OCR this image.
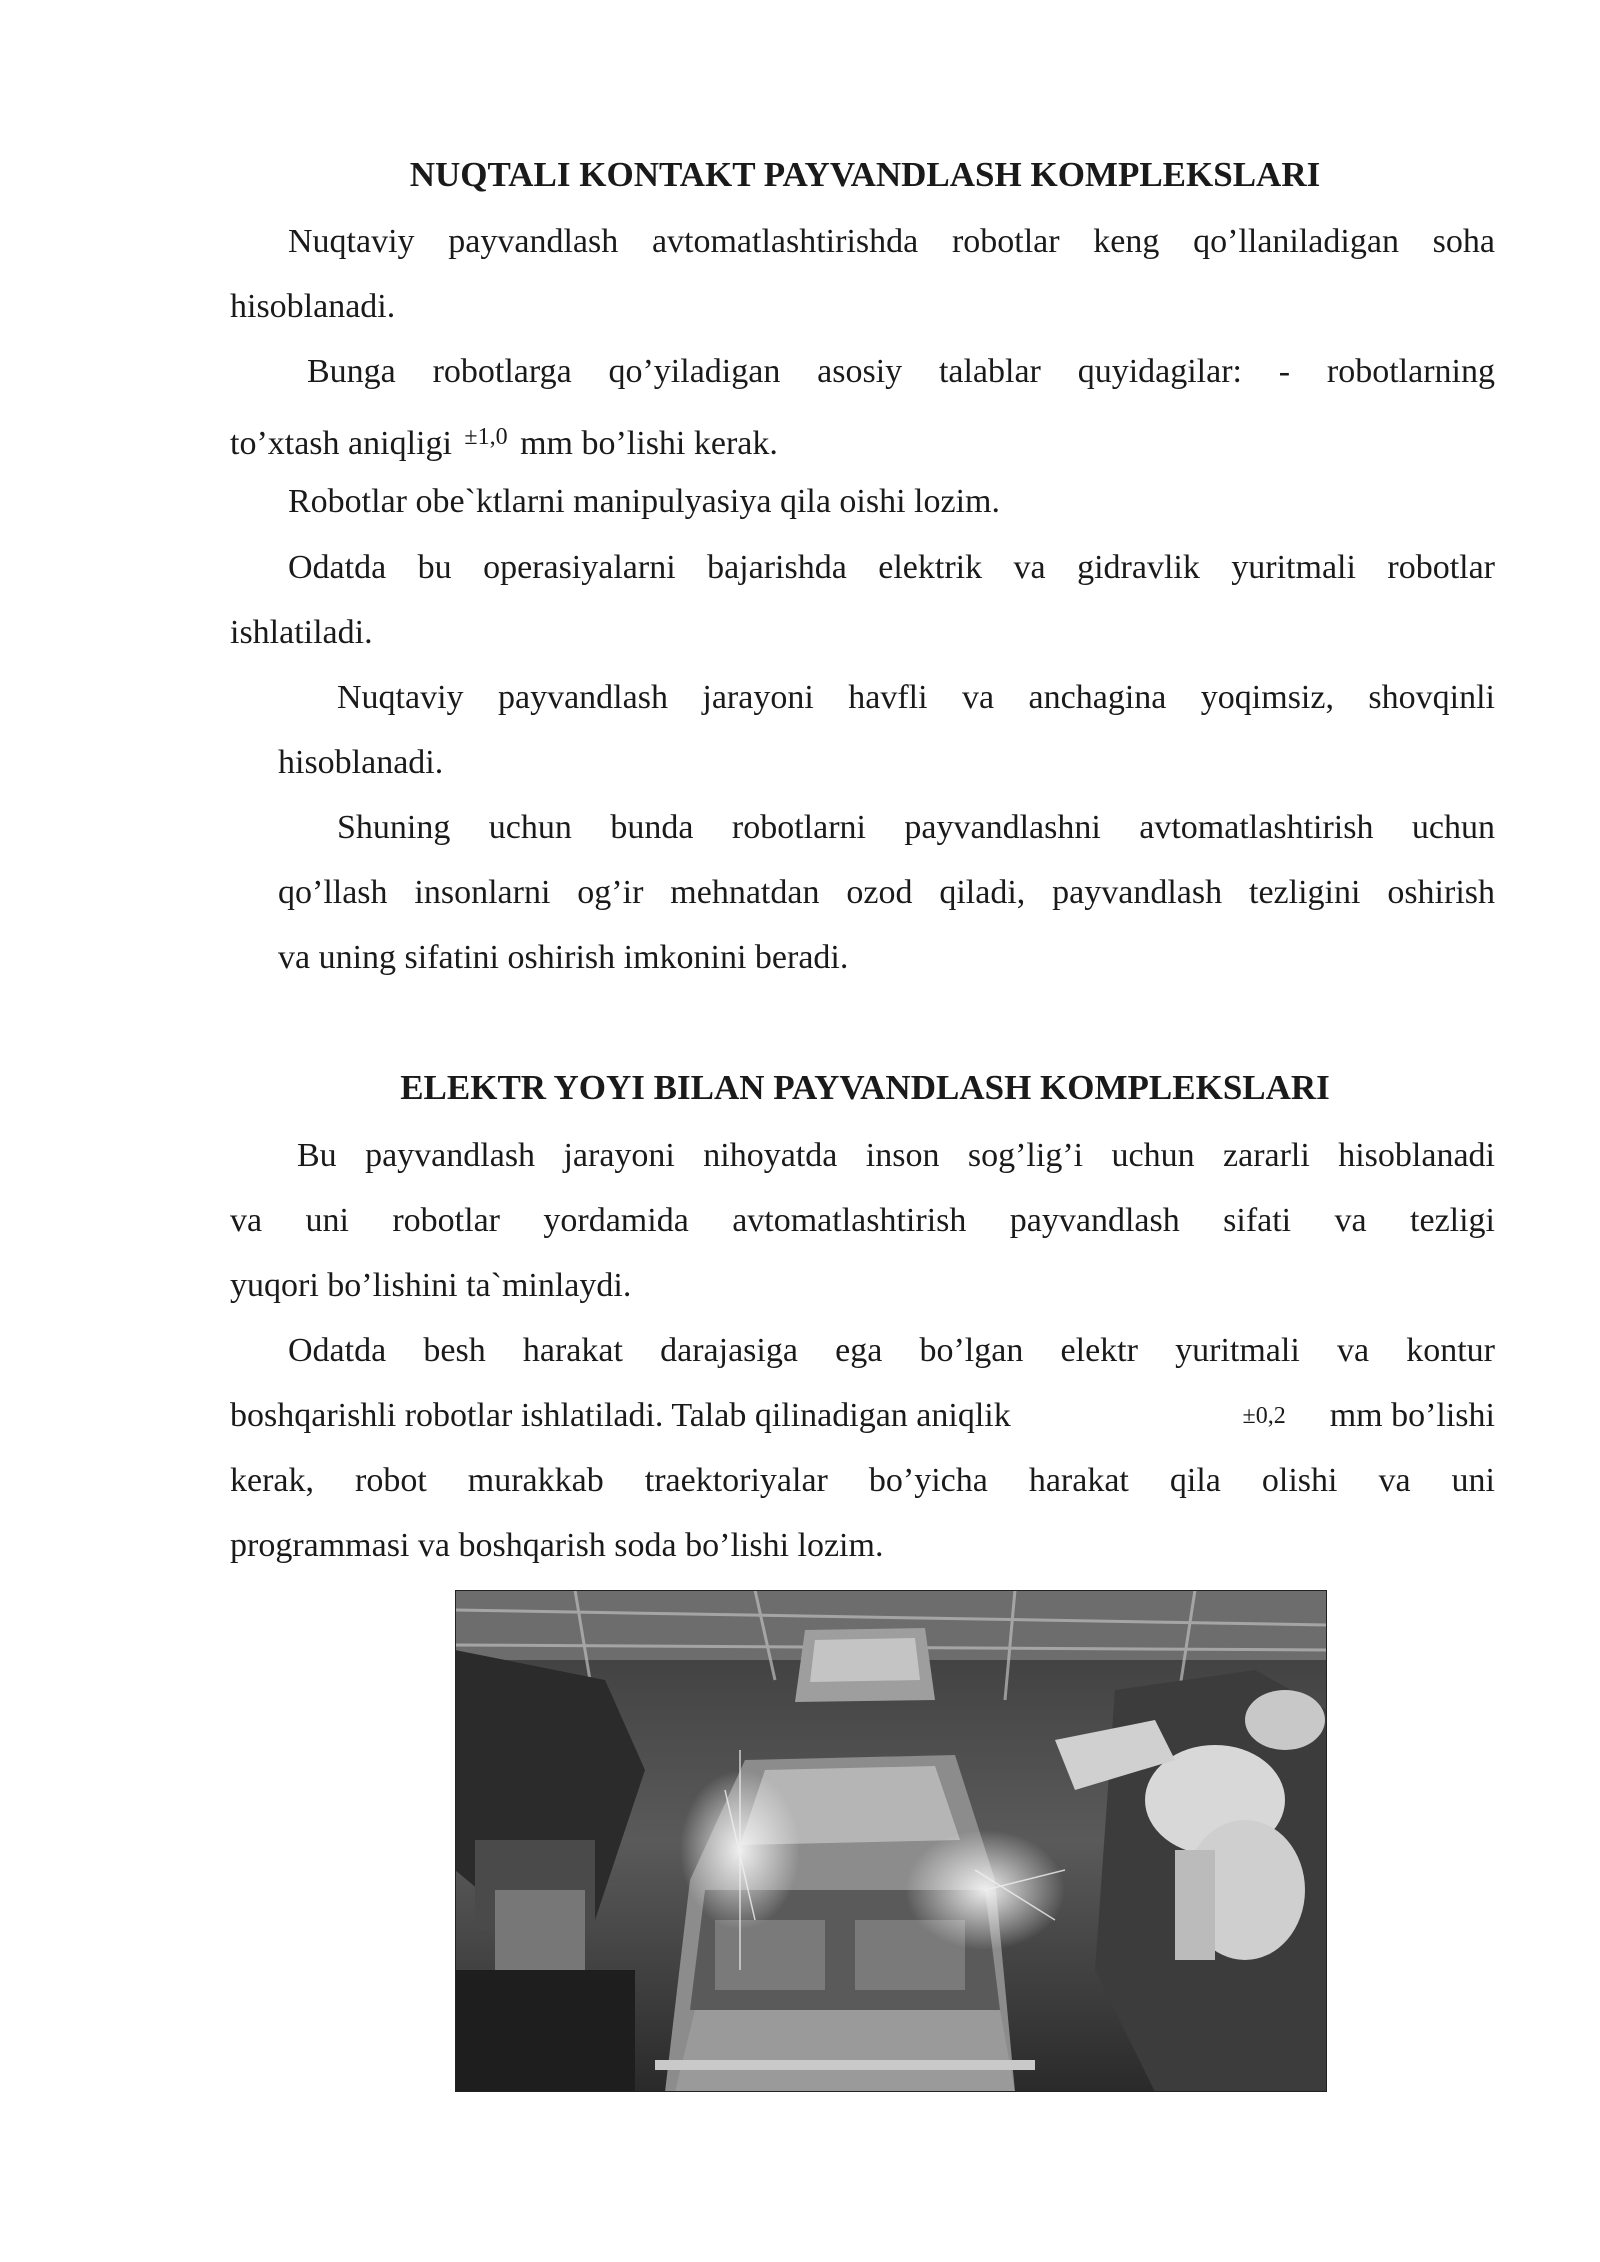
NUQTALI KONTAKT PAYVANDLASH KOMPLEKSLARI

Nuqtaviy payvandlash avtomatlashtirishda robotlar keng qo’llaniladigan soha

hisoblanadi.

Bunga robotlarga qo’yiladigan asosiy talablar quyidagilar: - robotlarning

to’xtash aniqligi $^{\pm 1,0}$ mm bo’lishi kerak.

Robotlar obe`ktlarni manipulyasiya qila oishi lozim.

Odatda bu operasiyalarni bajarishda elektrik va gidravlik yuritmali robotlar

ishlatiladi.

Nuqtaviy payvandlash jarayoni havfli va anchagina yoqimsiz, shovqinli

hisoblanadi.

Shuning uchun bunda robotlarni payvandlashni avtomatlashtirish uchun

qo’llash insonlarni og’ir mehnatdan ozod qiladi, payvandlash tezligini oshirish

va uning sifatini oshirish imkonini beradi.

ELEKTR YOYI BILAN PAYVANDLASH KOMPLEKSLARI

Bu payvandlash jarayoni nihoyatda inson sog’lig’i uchun zararli hisoblanadi

va uni robotlar yordamida avtomatlashtirish payvandlash sifati va tezligi

yuqori bo’lishini ta`minlaydi.

Odatda besh harakat darajasiga ega bo’lgan elektr yuritmali va kontur

boshqarishli robotlar ishlatiladi. Talab qilinadigan aniqlik	±0,2 mm bo’lishi

kerak, robot murakkab traektoriyalar bo’yicha harakat qila olishi va uni

programmasi va boshqarish soda bo’lishi lozim.
